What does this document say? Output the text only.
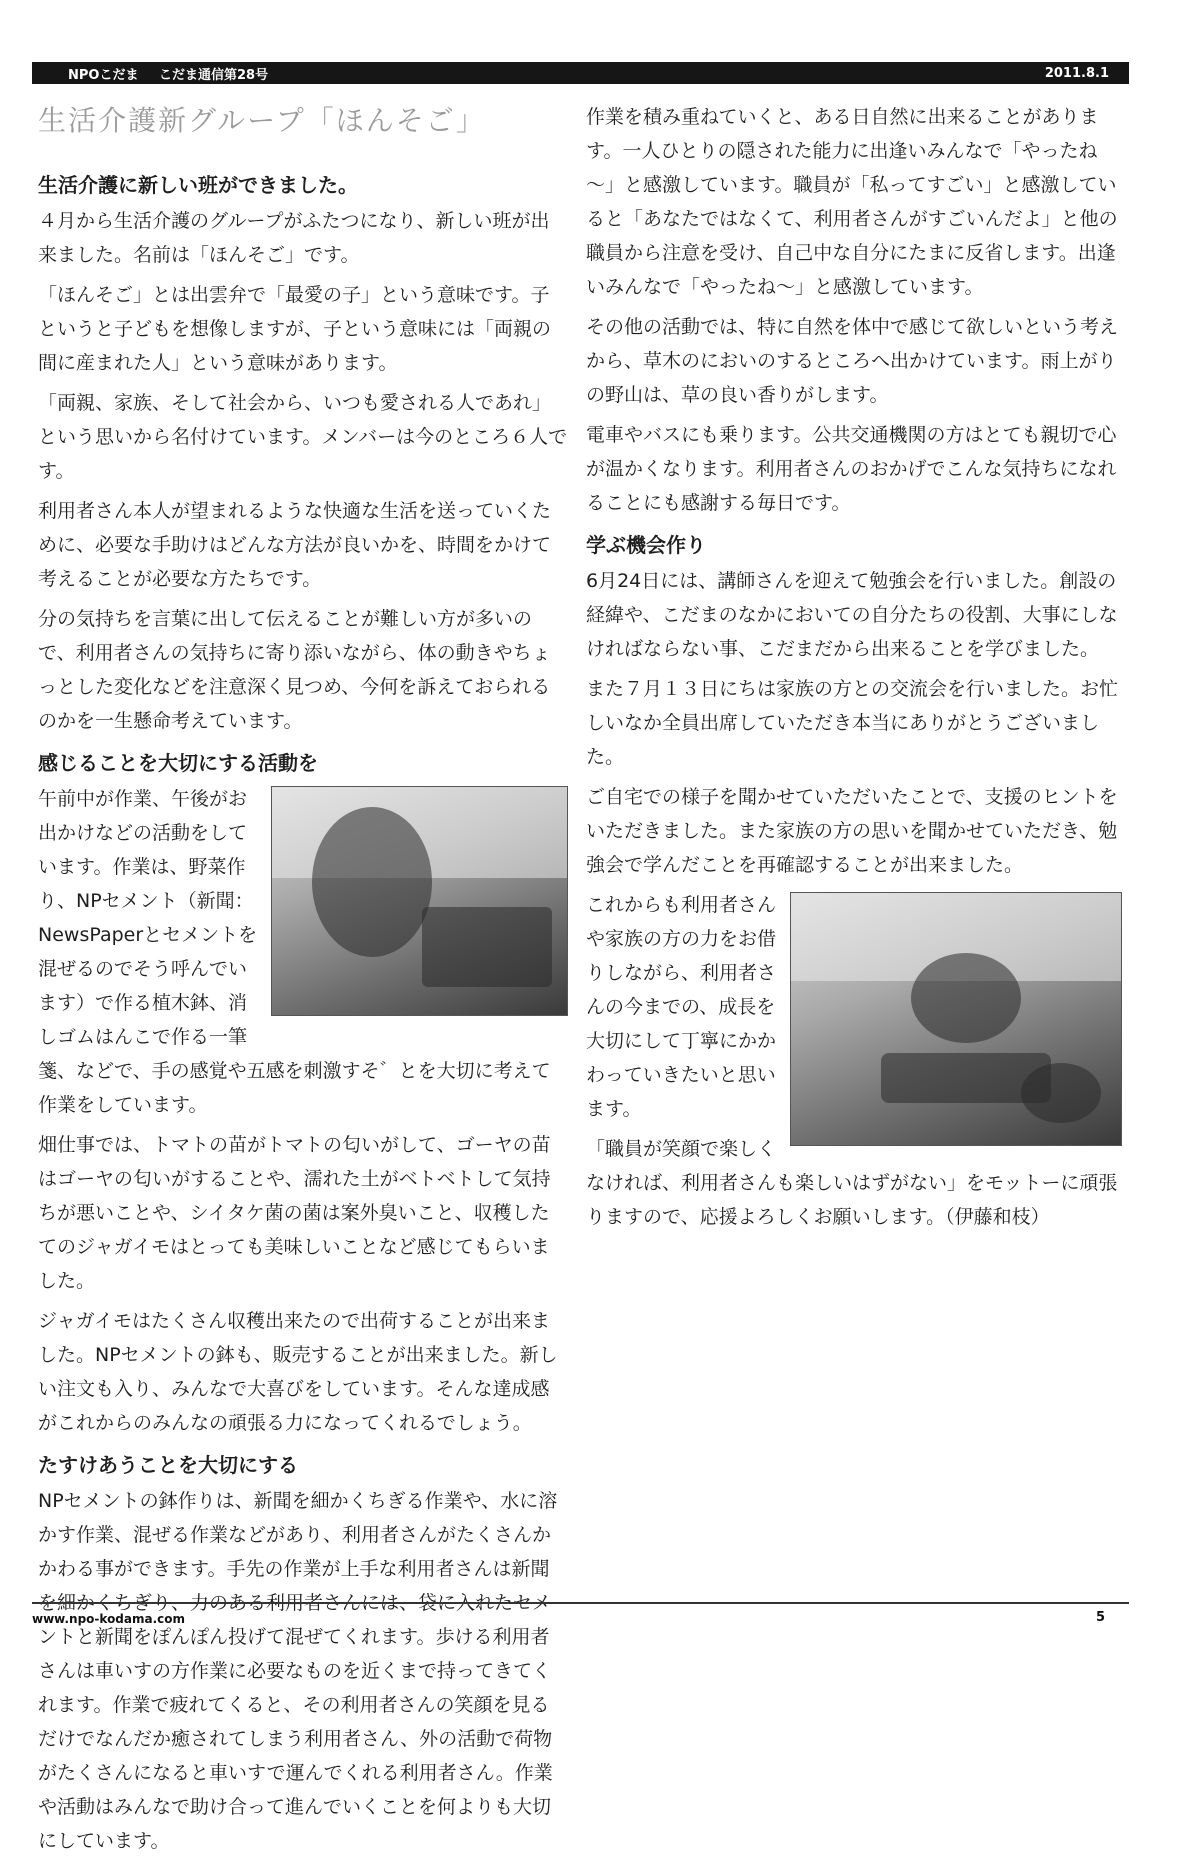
NPOこだま こだま通信第28号	2011.8.1
生活介護新グループ「ほんそご」
生活介護に新しい班ができました。

４月から生活介護のグループがふたつになり、新しい班が出来ました。名前は「ほんそご」です。

「ほんそご」とは出雲弁で「最愛の子」という意味です。子というと子どもを想像しますが、子という意味には「両親の間に産まれた人」という意味があります。

「両親、家族、そして社会から、いつも愛される人であれ」という思いから名付けています。メンバーは今のところ６人です。

利用者さん本人が望まれるような快適な生活を送っていくために、必要な手助けはどんな方法が良いかを、時間をかけて考えることが必要な方たちです。

分の気持ちを言葉に出して伝えることが難しい方が多いので、利用者さんの気持ちに寄り添いながら、体の動きやちょっとした変化などを注意深く見つめ、今何を訴えておられるのかを一生懸命考えています。

感じることを大切にする活動を

午前中が作業、午後がお出かけなどの活動をしています。作業は、野菜作り、NPセメント（新聞：NewsPaperとセメントを混ぜるのでそう呼んでいます）で作る植木鉢、消しゴムはんこで作る一筆箋、などで、手の感覚や五感を刺激すそ゛とを大切に考えて作業をしています。

畑仕事では、トマトの苗がトマトの匂いがして、ゴーヤの苗はゴーヤの匂いがすることや、濡れた土がベトベトして気持ちが悪いことや、シイタケ菌の菌は案外臭いこと、収穫したてのジャガイモはとっても美味しいことなど感じてもらいました。

ジャガイモはたくさん収穫出来たので出荷することが出来ました。NPセメントの鉢も、販売することが出来ました。新しい注文も入り、みんなで大喜びをしています。そんな達成感がこれからのみんなの頑張る力になってくれるでしょう。

たすけあうことを大切にする

NPセメントの鉢作りは、新聞を細かくちぎる作業や、水に溶かす作業、混ぜる作業などがあり、利用者さんがたくさんかかわる事ができます。手先の作業が上手な利用者さんは新聞を細かくちぎり、力のある利用者さんには、袋に入れたセメントと新聞をぽんぽん投げて混ぜてくれます。歩ける利用者さんは車いすの方作業に必要なものを近くまで持ってきてくれます。作業で疲れてくると、その利用者さんの笑顔を見るだけでなんだか癒されてしまう利用者さん、外の活動で荷物がたくさんになると車いすで運んでくれる利用者さん。作業や活動はみんなで助け合って進んでいくことを何よりも大切にしています。

作業を積み重ねていくと、ある日自然に出来ることがあります。一人ひとりの隠された能力に出逢いみんなで「やったね～」と感激しています。職員が「私ってすごい」と感激していると「あなたではなくて、利用者さんがすごいんだよ」と他の職員から注意を受け、自己中な自分にたまに反省します。出逢いみんなで「やったね～」と感激しています。

その他の活動では、特に自然を体中で感じて欲しいという考えから、草木のにおいのするところへ出かけています。雨上がりの野山は、草の良い香りがします。

電車やバスにも乗ります。公共交通機関の方はとても親切で心が温かくなります。利用者さんのおかげでこんな気持ちになれることにも感謝する毎日です。

学ぶ機会作り

6月24日には、講師さんを迎えて勉強会を行いました。創設の経緯や、こだまのなかにおいての自分たちの役割、大事にしなければならない事、こだまだから出来ることを学びました。

また７月１３日にちは家族の方との交流会を行いました。お忙しいなか全員出席していただき本当にありがとうございました。

ご自宅での様子を聞かせていただいたことで、支援のヒントをいただきました。また家族の方の思いを聞かせていただき、勉強会で学んだことを再確認することが出来ました。

これからも利用者さんや家族の方の力をお借りしながら、利用者さんの今までの、成長を大切にして丁寧にかかわっていきたいと思います。

「職員が笑顔で楽しくなければ、利用者さんも楽しいはずがない」をモットーに頑張りますので、応援よろしくお願いします。（伊藤和枝）

www.npo-kodama.com	5
